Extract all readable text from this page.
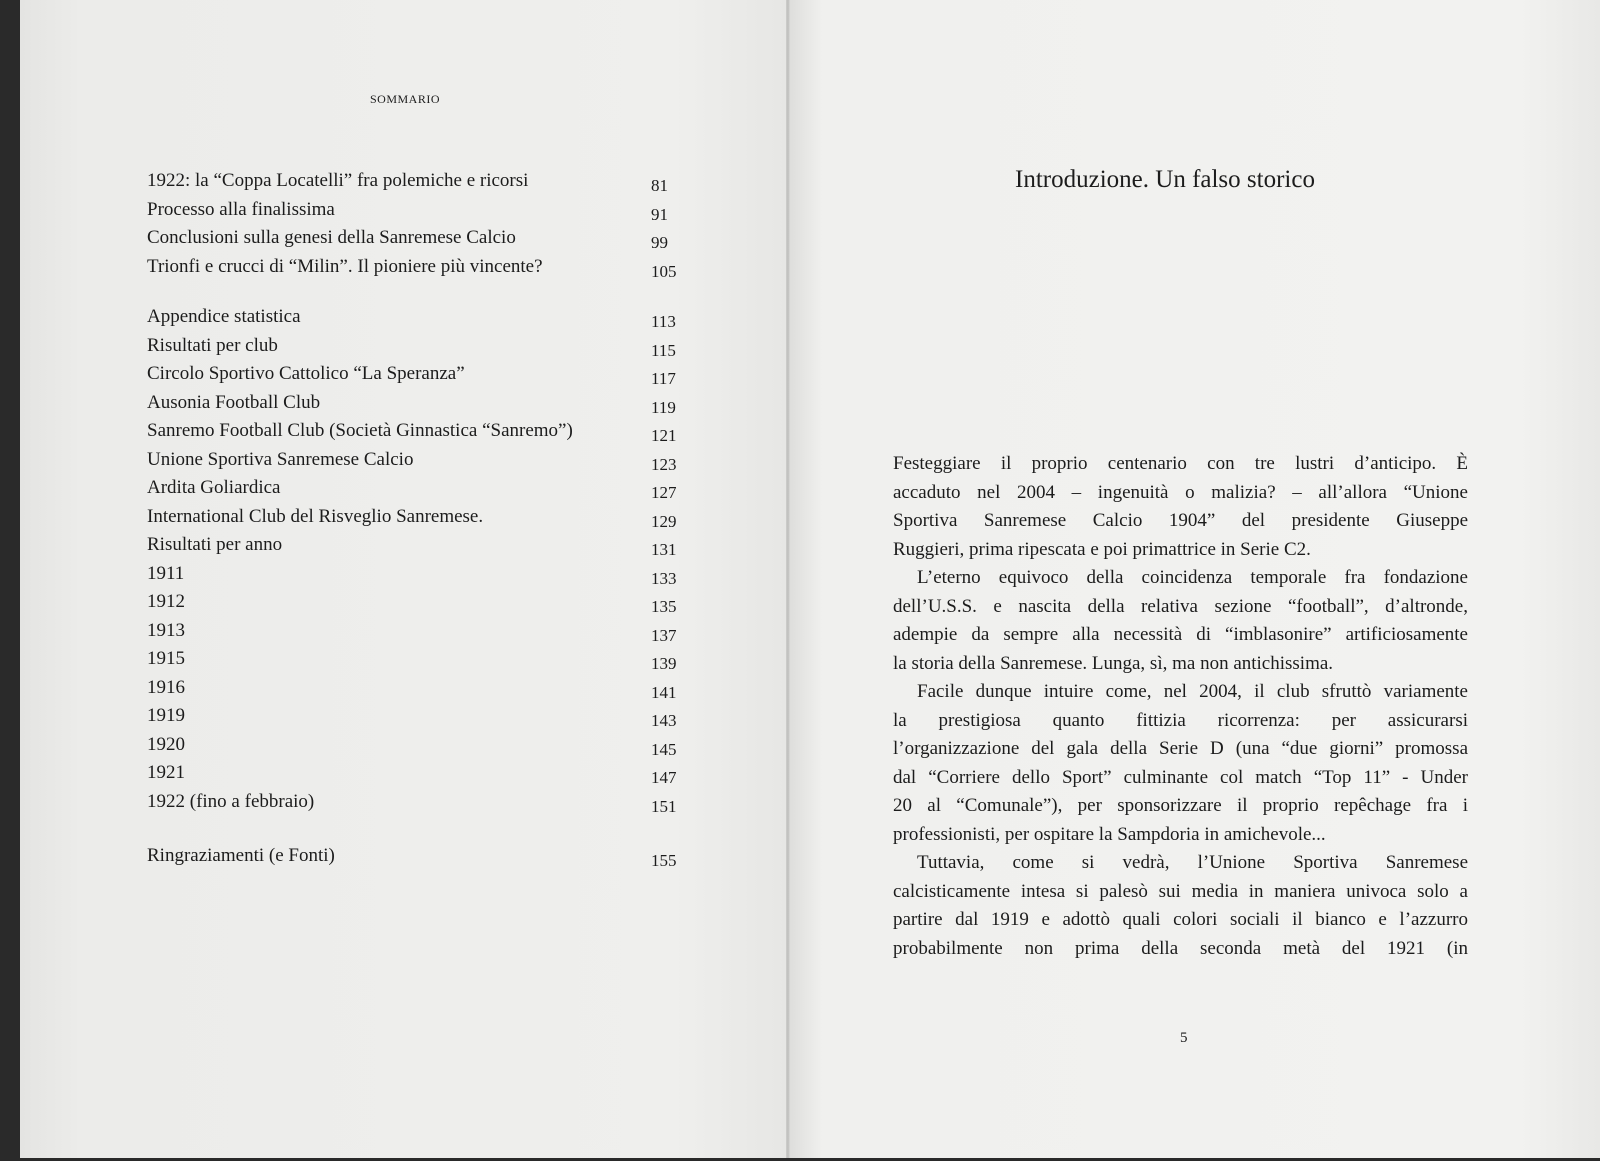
SOMMARIO
1922: la “Coppa Locatelli” fra polemiche e ricorsi	81
Processo alla finalissima	91
Conclusioni sulla genesi della Sanremese Calcio	99
Trionfi e crucci di “Milin”. Il pioniere più vincente?	105
Appendice statistica	113
Risultati per club	115
Circolo Sportivo Cattolico “La Speranza”	117
Ausonia Football Club	119
Sanremo Football Club (Società Ginnastica “Sanremo”)	121
Unione Sportiva Sanremese Calcio	123
Ardita Goliardica	127
International Club del Risveglio Sanremese.	129
Risultati per anno	131
1911	133
1912	135
1913	137
1915	139
1916	141
1919	143
1920	145
1921	147
1922 (fino a febbraio)	151
Ringraziamenti (e Fonti)	155
Introduzione. Un falso storico
Festeggiare il proprio centenario con tre lustri d’anticipo. È
accaduto nel 2004 – ingenuità o malizia? – all’allora “Unione
Sportiva Sanremese Calcio 1904” del presidente Giuseppe
Ruggieri, prima ripescata e poi primattrice in Serie C2.
L’eterno equivoco della coincidenza temporale fra fondazione
dell’U.S.S. e nascita della relativa sezione “football”, d’altronde,
adempie da sempre alla necessità di “imblasonire” artificiosamente
la storia della Sanremese. Lunga, sì, ma non antichissima.
Facile dunque intuire come, nel 2004, il club sfruttò variamente
la prestigiosa quanto fittizia ricorrenza: per assicurarsi
l’organizzazione del gala della Serie D (una “due giorni” promossa
dal “Corriere dello Sport” culminante col match “Top 11” - Under
20 al “Comunale”), per sponsorizzare il proprio repêchage fra i
professionisti, per ospitare la Sampdoria in amichevole...
Tuttavia, come si vedrà, l’Unione Sportiva Sanremese
calcisticamente intesa si palesò sui media in maniera univoca solo a
partire dal 1919 e adottò quali colori sociali il bianco e l’azzurro
probabilmente non prima della seconda metà del 1921 (in
5
